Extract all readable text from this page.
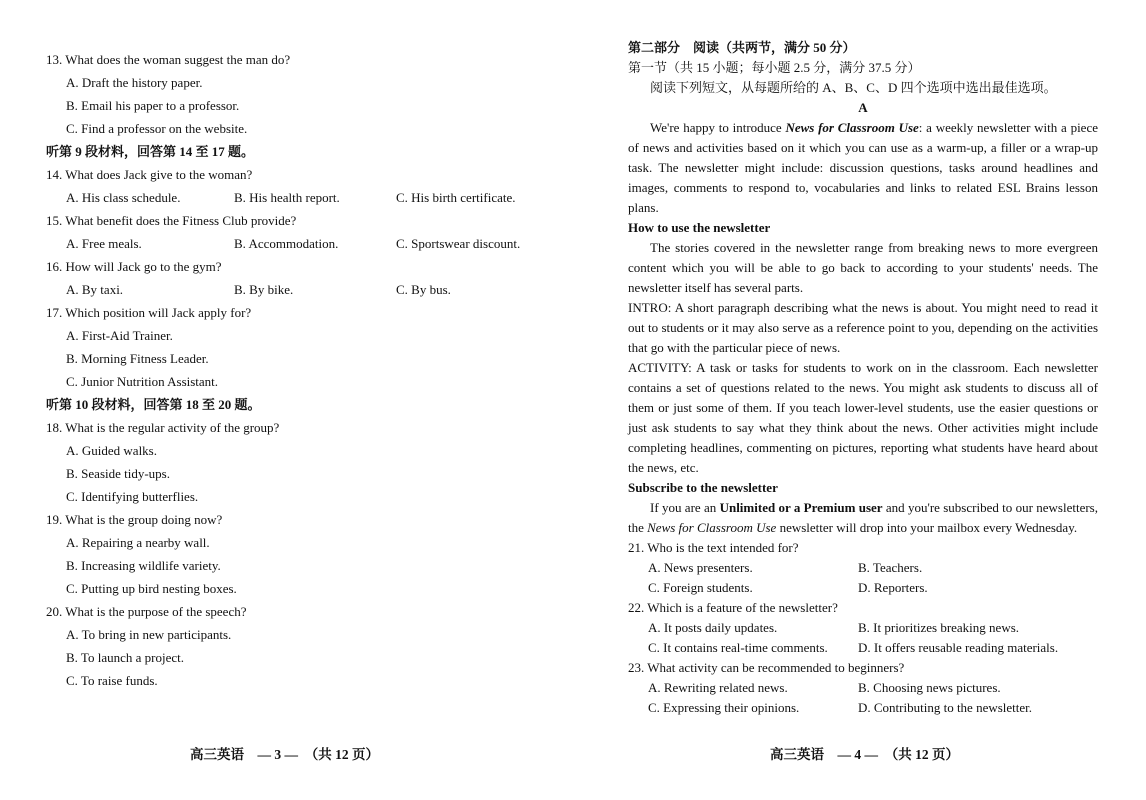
13. What does the woman suggest the man do?
A. Draft the history paper.
B. Email his paper to a professor.
C. Find a professor on the website.
听第 9 段材料，回答第 14 至 17 题。
14. What does Jack give to the woman?
A. His class schedule.	B. His health report.	C. His birth certificate.
15. What benefit does the Fitness Club provide?
A. Free meals.	B. Accommodation.	C. Sportswear discount.
16. How will Jack go to the gym?
A. By taxi.	B. By bike.	C. By bus.
17. Which position will Jack apply for?
A. First-Aid Trainer.
B. Morning Fitness Leader.
C. Junior Nutrition Assistant.
听第 10 段材料，回答第 18 至 20 题。
18. What is the regular activity of the group?
A. Guided walks.
B. Seaside tidy-ups.
C. Identifying butterflies.
19. What is the group doing now?
A. Repairing a nearby wall.
B. Increasing wildlife variety.
C. Putting up bird nesting boxes.
20. What is the purpose of the speech?
A. To bring in new participants.
B. To launch a project.
C. To raise funds.
高三英语　— 3 —　（共 12 页）
第二部分　阅读（共两节，满分 50 分）
第一节（共 15 小题；每小题 2.5 分，满分 37.5 分）
阅读下列短文，从每题所给的 A、B、C、D 四个选项中选出最佳选项。
A

We're happy to introduce News for Classroom Use: a weekly newsletter with a piece of news and activities based on it which you can use as a warm-up, a filler or a wrap-up task. The newsletter might include: discussion questions, tasks around headlines and images, comments to respond to, vocabularies and links to related ESL Brains lesson plans.

How to use the newsletter

The stories covered in the newsletter range from breaking news to more evergreen content which you will be able to go back to according to your students' needs. The newsletter itself has several parts.

INTRO: A short paragraph describing what the news is about. You might need to read it out to students or it may also serve as a reference point to you, depending on the activities that go with the particular piece of news.

ACTIVITY: A task or tasks for students to work on in the classroom. Each newsletter contains a set of questions related to the news. You might ask students to discuss all of them or just some of them. If you teach lower-level students, use the easier questions or just ask students to say what they think about the news. Other activities might include completing headlines, commenting on pictures, reporting what students have heard about the news, etc.

Subscribe to the newsletter

If you are an Unlimited or a Premium user and you're subscribed to our newsletters, the News for Classroom Use newsletter will drop into your mailbox every Wednesday.

21. Who is the text intended for?
A. News presenters.	B. Teachers.
C. Foreign students.	D. Reporters.
22. Which is a feature of the newsletter?
A. It posts daily updates.	B. It prioritizes breaking news.
C. It contains real-time comments.	D. It offers reusable reading materials.
23. What activity can be recommended to beginners?
A. Rewriting related news.	B. Choosing news pictures.
C. Expressing their opinions.	D. Contributing to the newsletter.
高三英语　— 4 —　（共 12 页）
